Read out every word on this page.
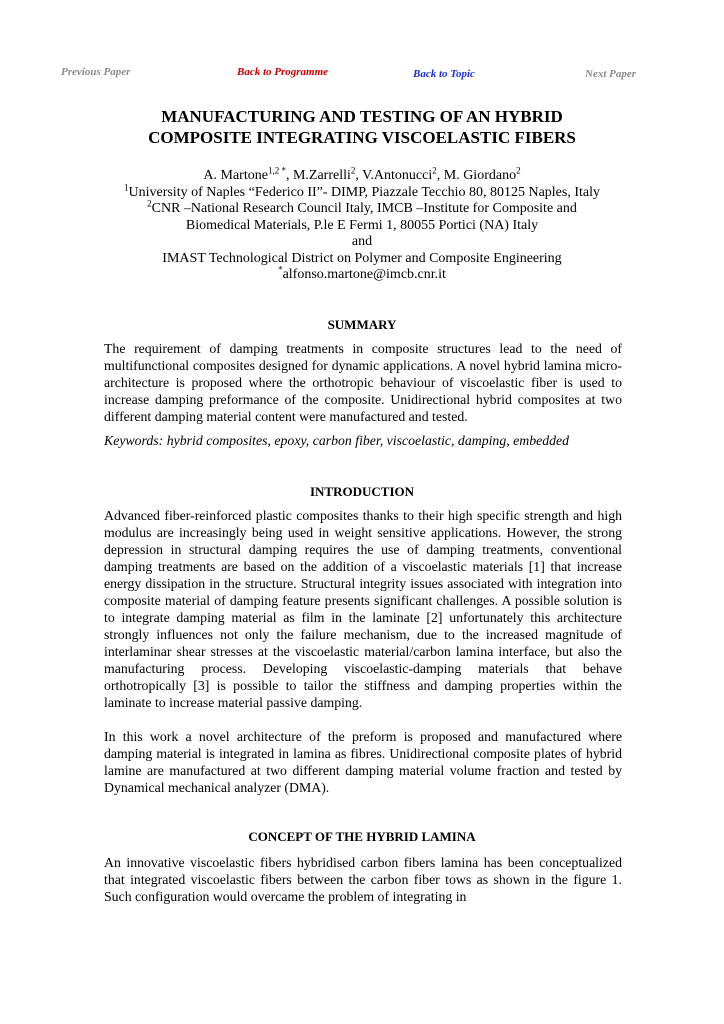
Previous Paper	Back to Programme	Back to Topic	Next Paper
MANUFACTURING AND TESTING OF AN HYBRID
COMPOSITE INTEGRATING VISCOELASTIC FIBERS
A. Martone$^{1,2 *}$, M.Zarrelli$^2$, V.Antonucci$^2$, M. Giordano$^2$
$^1$University of Naples “Federico II”- DIMP, Piazzale Tecchio 80, 80125 Naples, Italy
$^2$CNR –National Research Council Italy, IMCB –Institute for Composite and
Biomedical Materials, P.le E Fermi 1, 80055 Portici (NA) Italy
and
IMAST Technological District on Polymer and Composite Engineering
*alfonso.martone@imcb.cnr.it
SUMMARY
The requirement of damping treatments in composite structures lead to the need of multifunctional composites designed for dynamic applications. A novel hybrid lamina micro-architecture is proposed where the orthotropic behaviour of viscoelastic fiber is used to increase damping preformance of the composite. Unidirectional hybrid composites at two different damping material content were manufactured and tested.
Keywords: hybrid composites, epoxy, carbon fiber, viscoelastic, damping, embedded
INTRODUCTION
Advanced fiber-reinforced plastic composites thanks to their high specific strength and high modulus are increasingly being used in weight sensitive applications. However, the strong depression in structural damping requires the use of damping treatments, conventional damping treatments are based on the addition of a viscoelastic materials [1] that increase energy dissipation in the structure. Structural integrity issues associated with integration into composite material of damping feature presents significant challenges. A possible solution is to integrate damping material as film in the laminate [2] unfortunately this architecture strongly influences not only the failure mechanism, due to the increased magnitude of interlaminar shear stresses at the viscoelastic material/carbon lamina interface, but also the manufacturing process. Developing viscoelastic-damping materials that behave orthotropically [3] is possible to tailor the stiffness and damping properties within the laminate to increase material passive damping.
In this work a novel architecture of the preform is proposed and manufactured where damping material is integrated in lamina as fibres. Unidirectional composite plates of hybrid lamine are manufactured at two different damping material volume fraction and tested by Dynamical mechanical analyzer (DMA).
CONCEPT OF THE HYBRID LAMINA
An innovative viscoelastic fibers hybridised carbon fibers lamina has been conceptualized that integrated viscoelastic fibers between the carbon fiber tows as shown in the figure 1. Such configuration would overcame the problem of integrating in
